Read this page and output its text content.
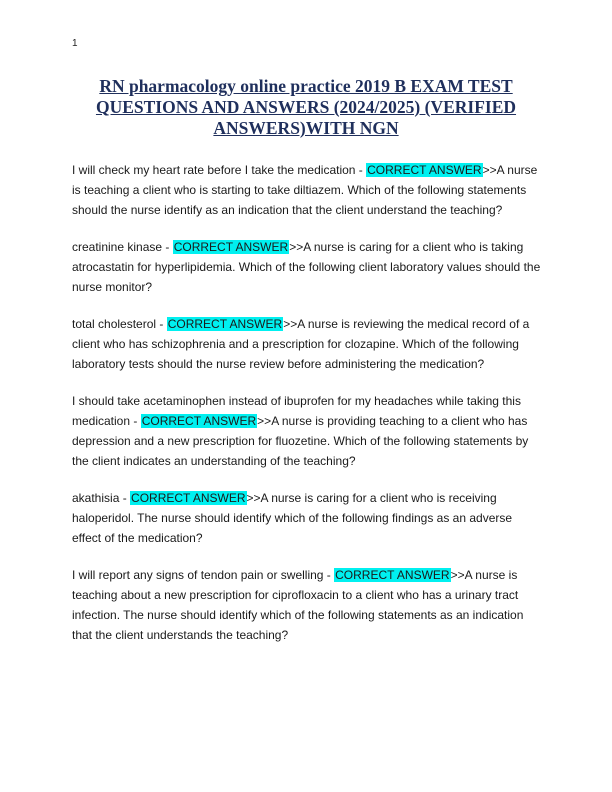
1
RN pharmacology online practice 2019 B EXAM TEST QUESTIONS AND ANSWERS (2024/2025) (VERIFIED ANSWERS)WITH NGN

I will check my heart rate before I take the medication - CORRECT ANSWER>>A nurse is teaching a client who is starting to take diltiazem. Which of the following statements should the nurse identify as an indication that the client understand the teaching?

creatinine kinase - CORRECT ANSWER>>A nurse is caring for a client who is taking atrocastatin for hyperlipidemia. Which of the following client laboratory values should the nurse monitor?

total cholesterol - CORRECT ANSWER>>A nurse is reviewing the medical record of a client who has schizophrenia and a prescription for clozapine. Which of the following laboratory tests should the nurse review before administering the medication?

I should take acetaminophen instead of ibuprofen for my headaches while taking this medication - CORRECT ANSWER>>A nurse is providing teaching to a client who has depression and a new prescription for fluozetine. Which of the following statements by the client indicates an understanding of the teaching?

akathisia - CORRECT ANSWER>>A nurse is caring for a client who is receiving haloperidol. The nurse should identify which of the following findings as an adverse effect of the medication?

I will report any signs of tendon pain or swelling - CORRECT ANSWER>>A nurse is teaching about a new prescription for ciprofloxacin to a client who has a urinary tract infection. The nurse should identify which of the following statements as an indication that the client understands the teaching?
